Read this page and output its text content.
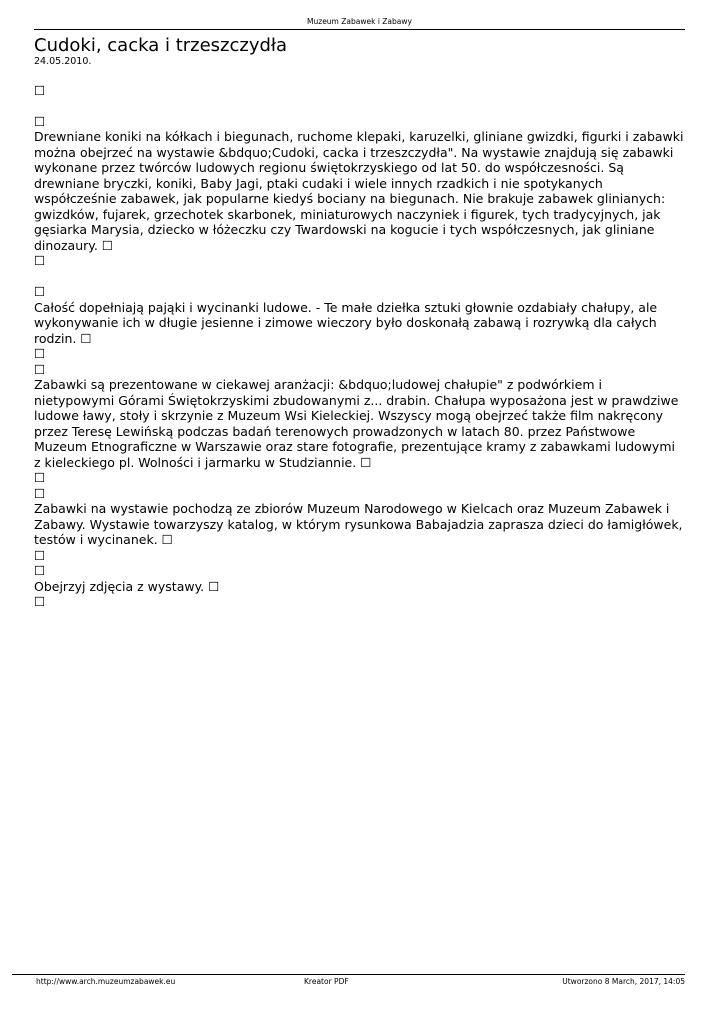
Muzeum Zabawek i Zabawy
Cudoki, cacka i trzeszczydła

24.05.2010.

☐
☐

Drewniane koniki na kółkach i biegunach, ruchome klepaki, karuzelki, gliniane gwizdki, figurki i zabawki można obejrzeć na wystawie &bdquo;Cudoki, cacka i trzeszczydła". Na wystawie znajdują się zabawki wykonane przez twórców ludowych regionu świętokrzyskiego od lat 50. do współczesności. Są drewniane bryczki, koniki, Baby Jagi, ptaki cudaki i wiele innych rzadkich i nie spotykanych współcześnie zabawek, jak popularne kiedyś bociany na biegunach. Nie brakuje zabawek glinianych: gwizdków, fujarek, grzechotek skarbonek, miniaturowych naczyniek i figurek, tych tradycyjnych, jak gęsiarka Marysia, dziecko w łóżeczku czy Twardowski na kogucie i tych współczesnych, jak gliniane dinozaury. ☐

☐
☐

Całość dopełniają pająki i wycinanki ludowe. - Te małe dziełka sztuki głownie ozdabiały chałupy, ale wykonywanie ich w długie jesienne i zimowe wieczory było doskonałą zabawą i rozrywką dla całych rodzin. ☐

☐
☐

Zabawki są prezentowane w ciekawej aranżacji: &bdquo;ludowej chałupie" z podwórkiem i nietypowymi Górami Świętokrzyskimi zbudowanymi z... drabin. Chałupa wyposażona jest w prawdziwe ludowe ławy, stoły i skrzynie z Muzeum Wsi Kieleckiej. Wszyscy mogą obejrzeć także film nakręcony przez Teresę Lewińską podczas badań terenowych prowadzonych w latach 80. przez Państwowe Muzeum Etnograficzne w Warszawie oraz stare fotografie, prezentujące kramy z zabawkami ludowymi z kieleckiego pl. Wolności i jarmarku w Studziannie. ☐

☐
☐

Zabawki na wystawie pochodzą ze zbiorów Muzeum Narodowego w Kielcach oraz Muzeum Zabawek i Zabawy. Wystawie towarzyszy katalog, w którym rysunkowa Babajadzia zaprasza dzieci do łamigłówek, testów i wycinanek. ☐

☐
☐

Obejrzyj zdjęcia z wystawy. ☐

☐
http://www.arch.muzeumzabawek.eu	Kreator PDF	Utworzono 8 March, 2017, 14:05
